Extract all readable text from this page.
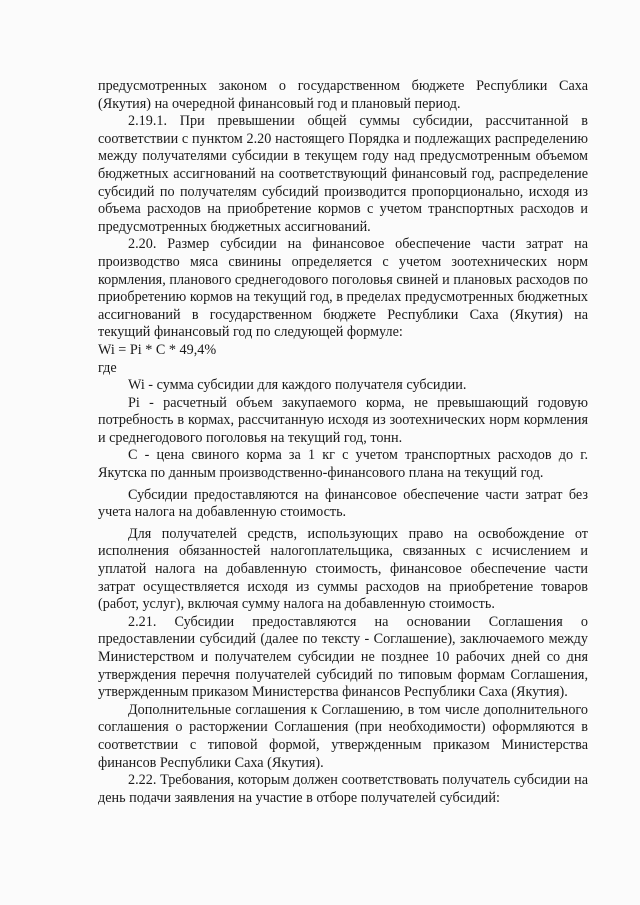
предусмотренных законом о государственном бюджете Республики Саха (Якутия) на очередной финансовый год и плановый период.

2.19.1. При превышении общей суммы субсидии, рассчитанной в соответствии с пунктом 2.20 настоящего Порядка и подлежащих распределению между получателями субсидии в текущем году над предусмотренным объемом бюджетных ассигнований на соответствующий финансовый год, распределение субсидий по получателям субсидий производится пропорционально, исходя из объема расходов на приобретение кормов с учетом транспортных расходов и предусмотренных бюджетных ассигнований.

2.20. Размер субсидии на финансовое обеспечение части затрат на производство мяса свинины определяется с учетом зоотехнических норм кормления, планового среднегодового поголовья свиней и плановых расходов по приобретению кормов на текущий год, в пределах предусмотренных бюджетных ассигнований в государственном бюджете Республики Саха (Якутия) на текущий финансовый год по следующей формуле:

Wi = Pi * C * 49,4%

где

Wi - сумма субсидии для каждого получателя субсидии.

Pi - расчетный объем закупаемого корма, не превышающий годовую потребность в кормах, рассчитанную исходя из зоотехнических норм кормления и среднегодового поголовья на текущий год, тонн.

С - цена свиного корма за 1 кг с учетом транспортных расходов до г. Якутска по данным производственно-финансового плана на текущий год.

Субсидии предоставляются на финансовое обеспечение части затрат без учета налога на добавленную стоимость.

Для получателей средств, использующих право на освобождение от исполнения обязанностей налогоплательщика, связанных с исчислением и уплатой налога на добавленную стоимость, финансовое обеспечение части затрат осуществляется исходя из суммы расходов на приобретение товаров (работ, услуг), включая сумму налога на добавленную стоимость.

2.21. Субсидии предоставляются на основании Соглашения о предоставлении субсидий (далее по тексту - Соглашение), заключаемого между Министерством и получателем субсидии не позднее 10 рабочих дней со дня утверждения перечня получателей субсидий по типовым формам Соглашения, утвержденным приказом Министерства финансов Республики Саха (Якутия).

Дополнительные соглашения к Соглашению, в том числе дополнительного соглашения о расторжении Соглашения (при необходимости) оформляются в соответствии с типовой формой, утвержденным приказом Министерства финансов Республики Саха (Якутия).

2.22. Требования, которым должен соответствовать получатель субсидии на день подачи заявления на участие в отборе получателей субсидий:
